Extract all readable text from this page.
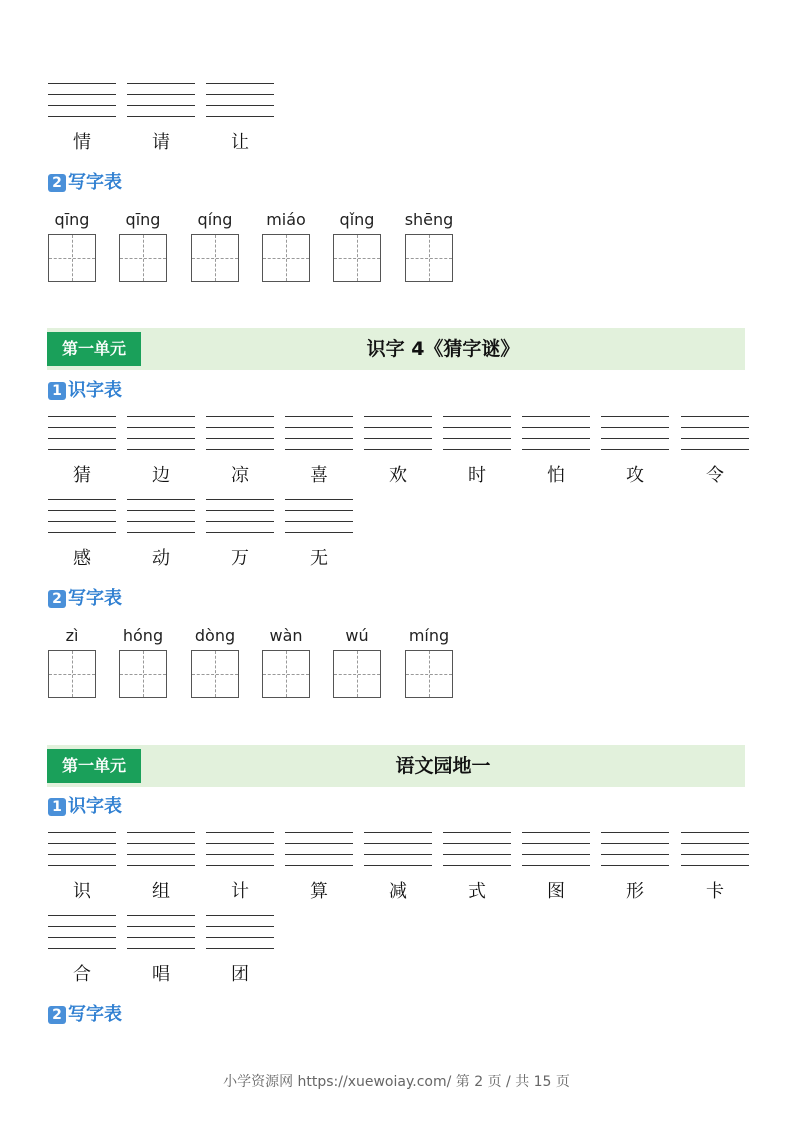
情	请	让
2 写字表
qīng	qīng	qíng	miáo	qǐng	shēng
第一单元	识字 4《猜字谜》
1 识字表
猜	边	凉	喜	欢	时	怕	攻	令
感	动	万	无
2 写字表
zì	hóng	dòng	wàn	wú	míng
第一单元	语文园地一
1 识字表
识	组	计	算	减	式	图	形	卡
合	唱	团
2 写字表
小学资源网 https://xuewoiay.com/ 第 2 页 / 共 15 页
